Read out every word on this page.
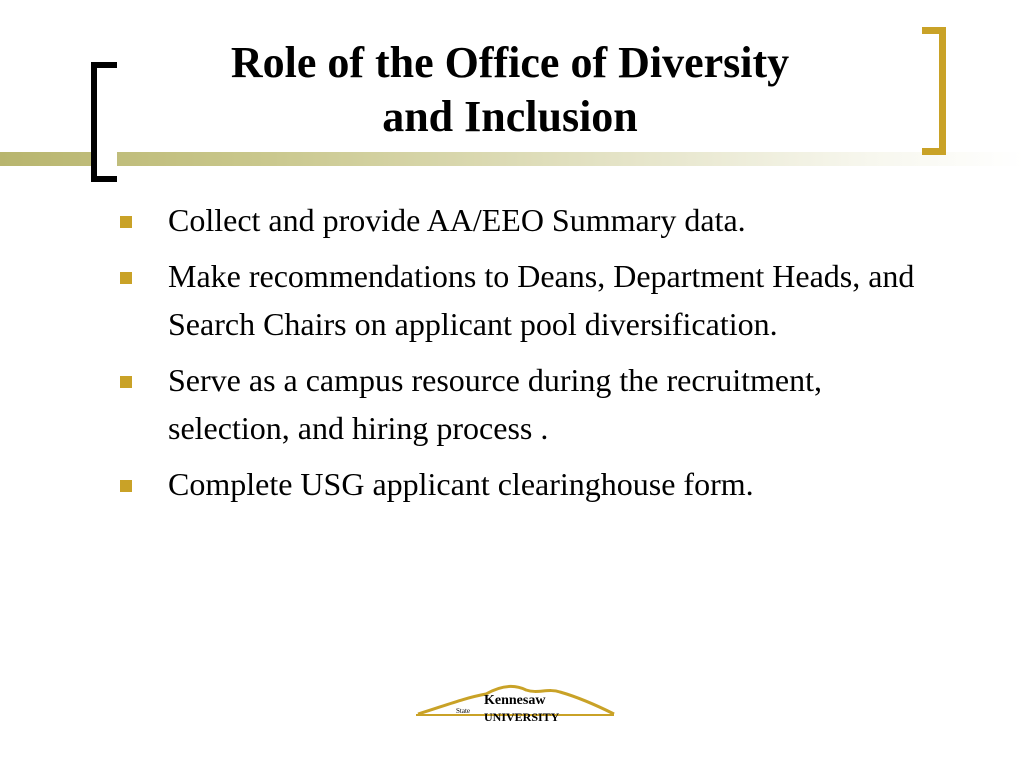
Role of the Office of Diversity
and Inclusion
Collect and provide AA/EEO Summary data.
Make recommendations to Deans, Department Heads, and Search Chairs on applicant pool diversification.
Serve as a campus resource during the recruitment, selection, and hiring process .
Complete USG applicant clearinghouse form.
Kennesaw
State UNIVERSITY
